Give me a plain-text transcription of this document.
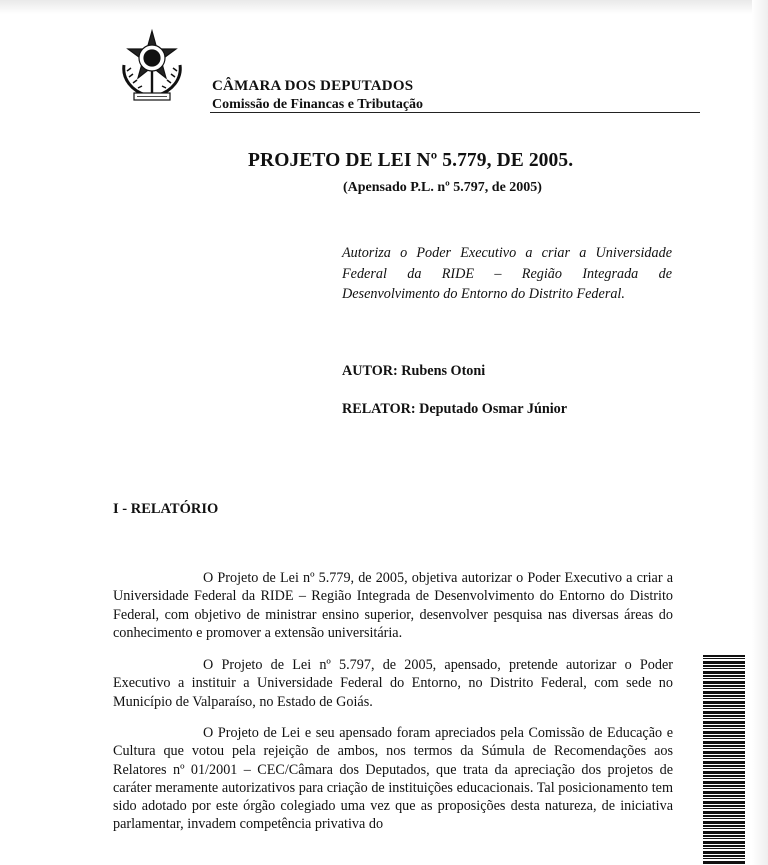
CÂMARA DOS DEPUTADOS

Comissão de Financas e Tributação

PROJETO DE LEI Nº 5.779, DE 2005.

(Apensado P.L. nº 5.797, de 2005)

Autoriza o Poder Executivo a criar a Universidade Federal da RIDE – Região Integrada de Desenvolvimento do Entorno do Distrito Federal.

AUTOR: Rubens Otoni

RELATOR: Deputado Osmar Júnior

I - RELATÓRIO

O Projeto de Lei nº 5.779, de 2005, objetiva autorizar o Poder Executivo a criar a Universidade Federal da RIDE – Região Integrada de Desenvolvimento do Entorno do Distrito Federal, com objetivo de ministrar ensino superior, desenvolver pesquisa nas diversas áreas do conhecimento e promover a extensão universitária.

O Projeto de Lei nº 5.797, de 2005, apensado, pretende autorizar o Poder Executivo a instituir a Universidade Federal do Entorno, no Distrito Federal, com sede no Município de Valparaíso, no Estado de Goiás.

O Projeto de Lei e seu apensado foram apreciados pela Comissão de Educação e Cultura que votou pela rejeição de ambos, nos termos da Súmula de Recomendações aos Relatores nº 01/2001 – CEC/Câmara dos Deputados, que trata da apreciação dos projetos de caráter meramente autorizativos para criação de instituições educacionais. Tal posicionamento tem sido adotado por este órgão colegiado uma vez que as proposições desta natureza, de iniciativa parlamentar, invadem competência privativa do
